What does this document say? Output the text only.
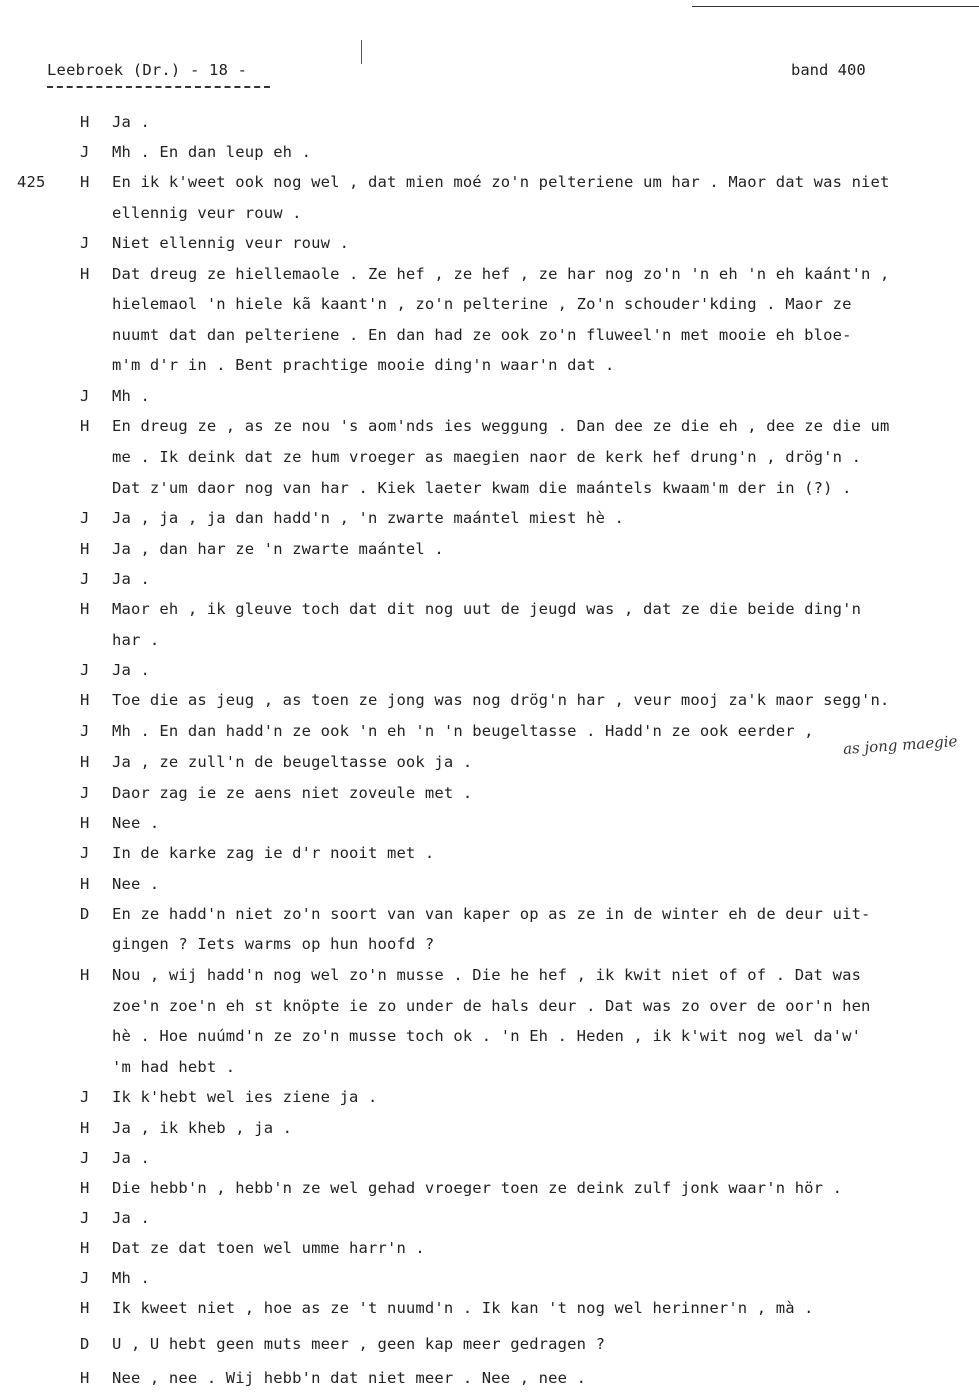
Leebroek (Dr.) - 18 -	band 400
H Ja .
J Mh . En dan leup eh .
425 H En ik k'weet ook nog wel , dat mien moé zo'n pelteriene um har . Maor dat was niet
ellennig veur rouw .
J Niet ellennig veur rouw .
H Dat dreug ze hiellemaole . Ze hef , ze hef , ze har nog zo'n 'n eh 'n eh kaánt'n ,
hielemaol 'n hiele kã kaant'n , zo'n pelterine , Zo'n schouder'kding . Maor ze
nuumt dat dan pelteriene . En dan had ze ook zo'n fluweel'n met mooie eh bloe-
m'm d'r in . Bent prachtige mooie ding'n waar'n dat .
J Mh .
H En dreug ze , as ze nou 's aom'nds ies weggung . Dan dee ze die eh , dee ze die um
me . Ik deink dat ze hum vroeger as maegien naor de kerk hef drung'n , drög'n .
Dat z'um daor nog van har . Kiek laeter kwam die maántels kwaam'm der in (?) .
J Ja , ja , ja dan hadd'n , 'n zwarte maántel miest hè .
H Ja , dan har ze 'n zwarte maántel .
J Ja .
H Maor eh , ik gleuve toch dat dit nog uut de jeugd was , dat ze die beide ding'n
har .
J Ja .
H Toe die as jeug , as toen ze jong was nog drög'n har , veur mooj za'k maor segg'n.
J Mh . En dan hadd'n ze ook 'n eh 'n 'n beugeltasse . Hadd'n ze ook eerder ,
H Ja , ze zull'n de beugeltasse ook ja .
J Daor zag ie ze aens niet zoveule met .
H Nee .
J In de karke zag ie d'r nooit met .
H Nee .
D En ze hadd'n niet zo'n soort van van kaper op as ze in de winter eh de deur uit-
gingen ? Iets warms op hun hoofd ?
H Nou , wij hadd'n nog wel zo'n musse . Die he hef , ik kwit niet of of . Dat was
zoe'n zoe'n eh st knöpte ie zo under de hals deur . Dat was zo over de oor'n hen
hè . Hoe nuúmd'n ze zo'n musse toch ok . 'n Eh . Heden , ik k'wit nog wel da'w'
'm had hebt .
J Ik k'hebt wel ies ziene ja .
H Ja , ik kheb , ja .
J Ja .
H Die hebb'n , hebb'n ze wel gehad vroeger toen ze deink zulf jonk waar'n hör .
J Ja .
H Dat ze dat toen wel umme harr'n .
J Mh .
H Ik kweet niet , hoe as ze 't nuumd'n . Ik kan 't nog wel herinner'n , mà .
D U , U hebt geen muts meer , geen kap meer gedragen ?
H Nee , nee . Wij hebb'n dat niet meer . Nee , nee .
as jong maegie
